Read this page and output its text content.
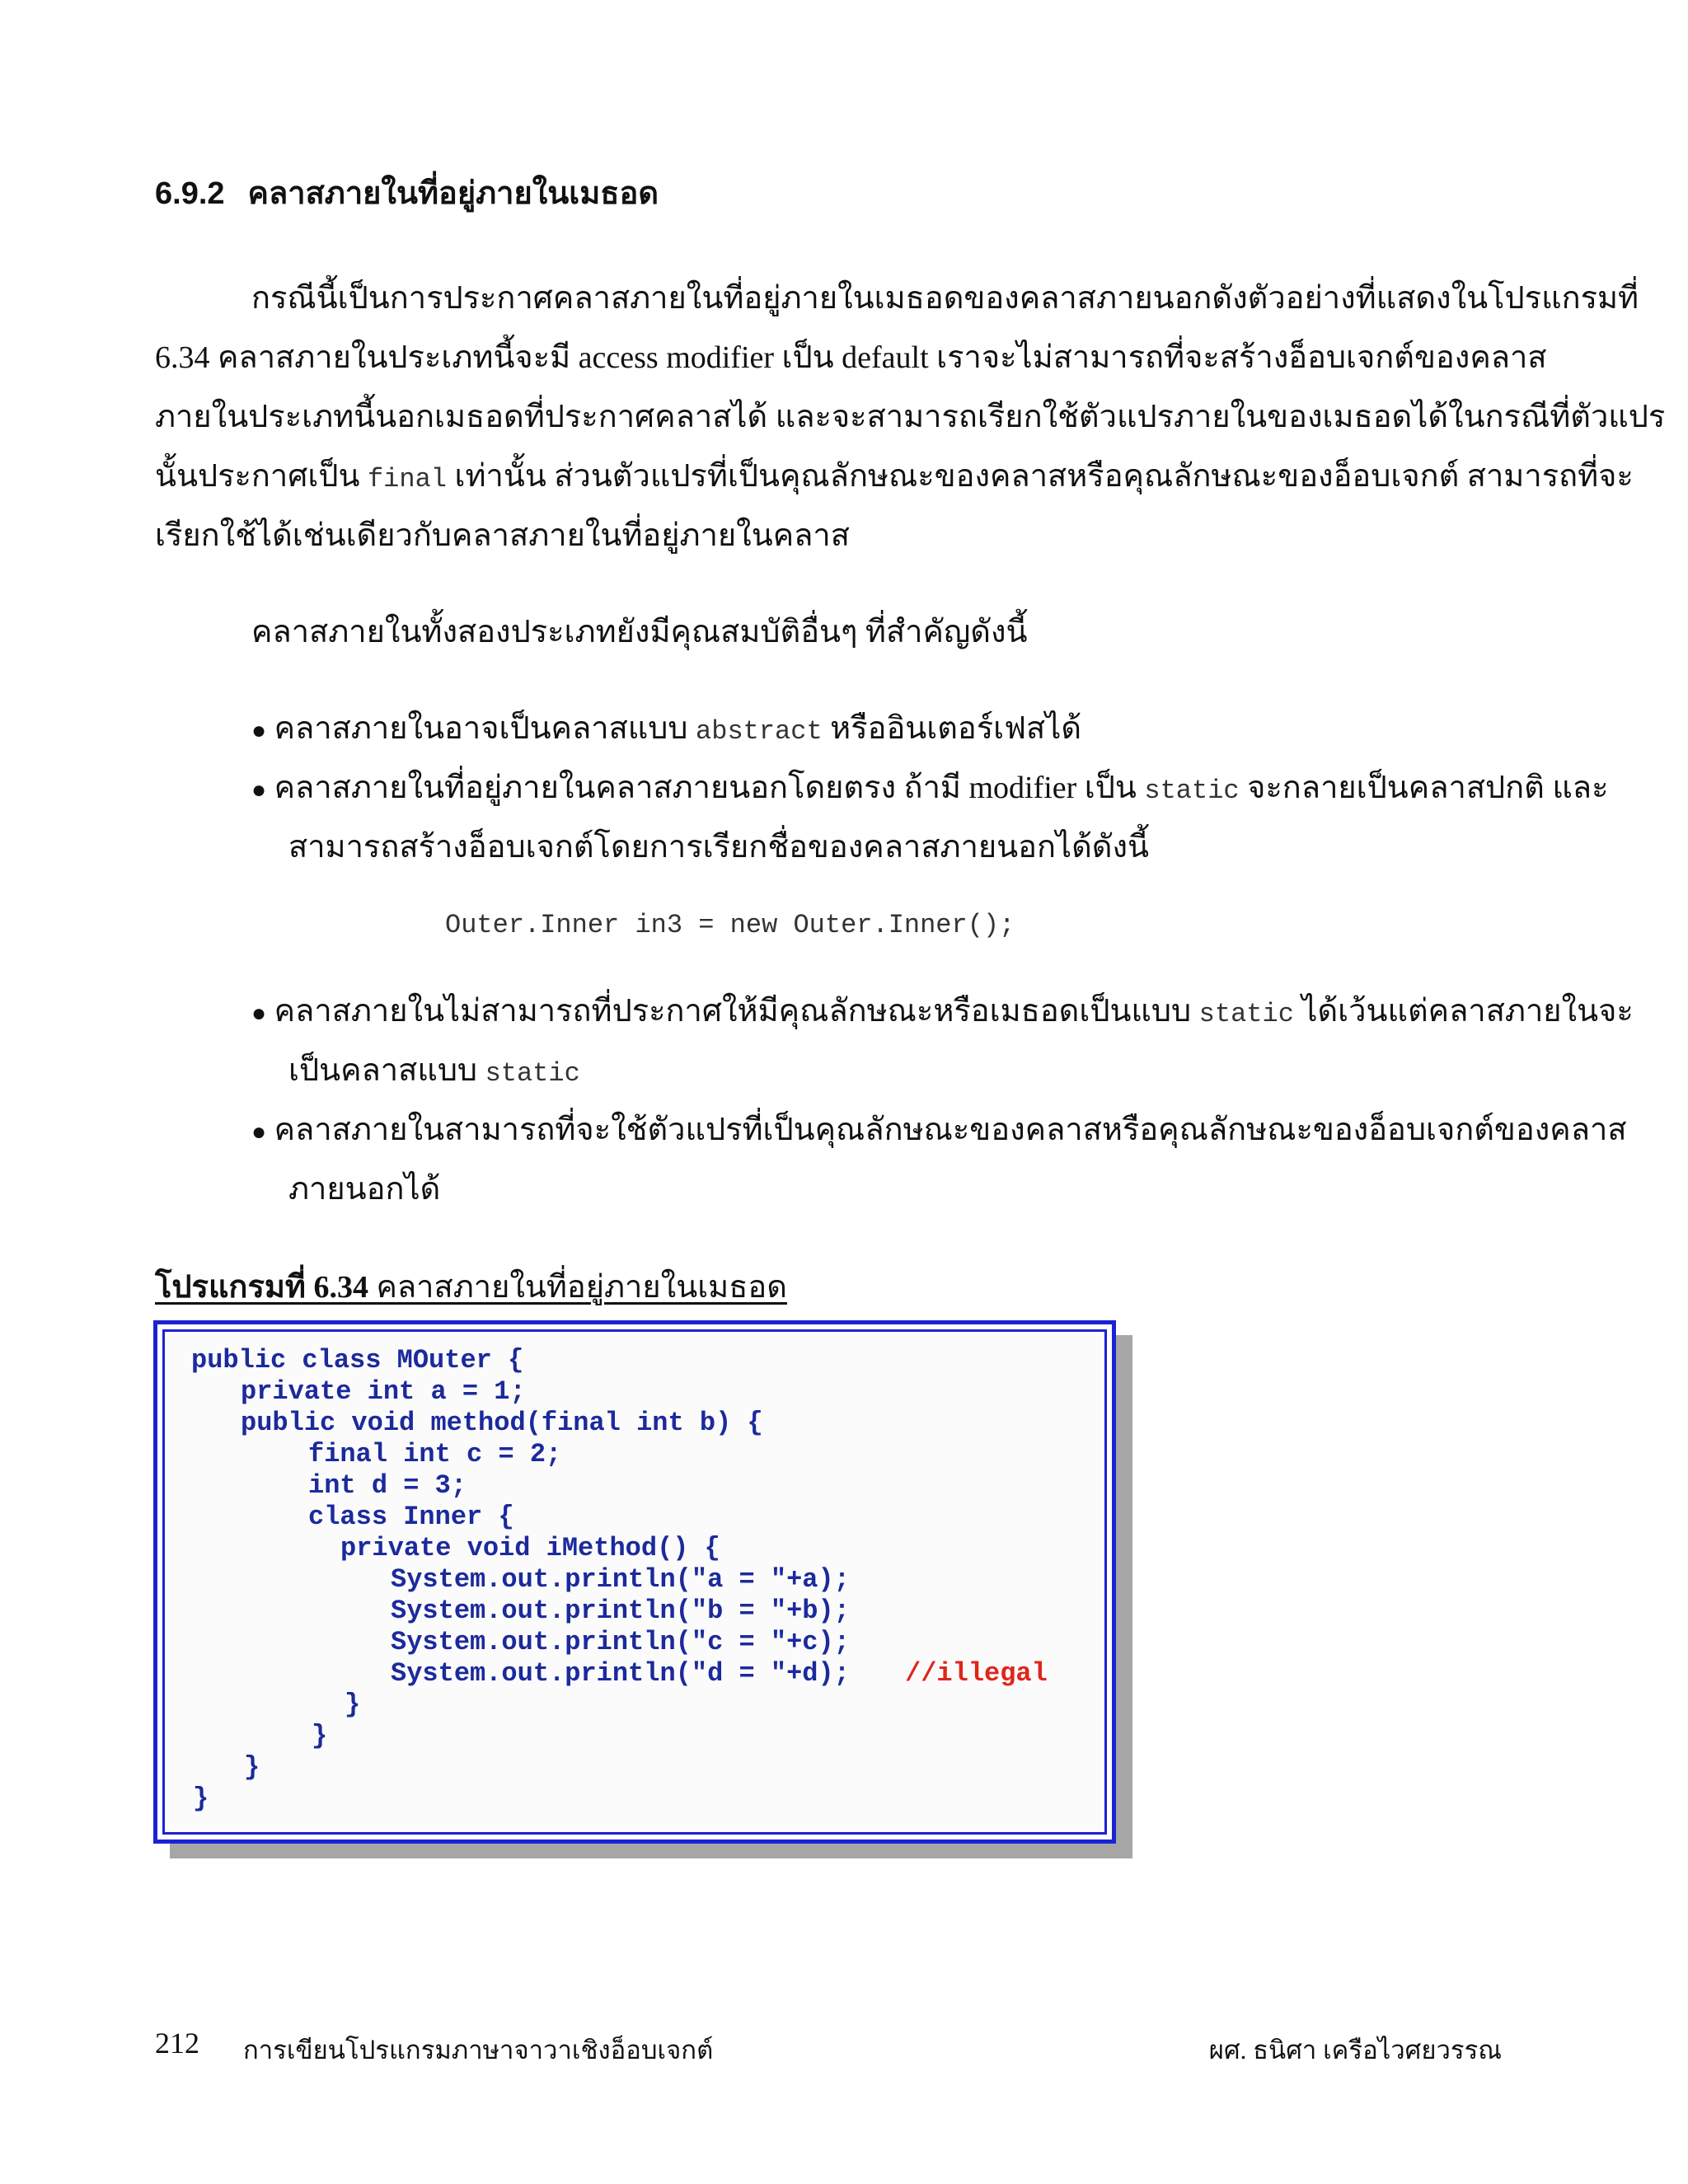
6.9.2 คลาสภายในที่อยู่ภายในเมธอด
กรณีนี้เป็นการประกาศคลาสภายในที่อยู่ภายในเมธอดของคลาสภายนอกดังตัวอย่างที่แสดงในโปรแกรมที่
6.34 คลาสภายในประเภทนี้จะมี access modifier เป็น default เราจะไม่สามารถที่จะสร้างอ็อบเจกต์ของคลาส
ภายในประเภทนี้นอกเมธอดที่ประกาศคลาสได้ และจะสามารถเรียกใช้ตัวแปรภายในของเมธอดได้ในกรณีที่ตัวแปร
นั้นประกาศเป็น final เท่านั้น ส่วนตัวแปรที่เป็นคุณลักษณะของคลาสหรือคุณลักษณะของอ็อบเจกต์ สามารถที่จะ
เรียกใช้ได้เช่นเดียวกับคลาสภายในที่อยู่ภายในคลาส
คลาสภายในทั้งสองประเภทยังมีคุณสมบัติอื่นๆ ที่สำคัญดังนี้
● คลาสภายในอาจเป็นคลาสแบบ abstract หรืออินเตอร์เฟสได้
● คลาสภายในที่อยู่ภายในคลาสภายนอกโดยตรง ถ้ามี modifier เป็น static จะกลายเป็นคลาสปกติ และ
สามารถสร้างอ็อบเจกต์โดยการเรียกชื่อของคลาสภายนอกได้ดังนี้
Outer.Inner in3 = new Outer.Inner();
● คลาสภายในไม่สามารถที่ประกาศให้มีคุณลักษณะหรือเมธอดเป็นแบบ static ได้เว้นแต่คลาสภายในจะ
เป็นคลาสแบบ static
● คลาสภายในสามารถที่จะใช้ตัวแปรที่เป็นคุณลักษณะของคลาสหรือคุณลักษณะของอ็อบเจกต์ของคลาส
ภายนอกได้
โปรแกรมที่ 6.34 คลาสภายในที่อยู่ภายในเมธอด
public class MOuter {
private int a = 1;
public void method(final int b) {
final int c = 2;
int d = 3;
class Inner {
private void iMethod() {
System.out.println("a = "+a);
System.out.println("b = "+b);
System.out.println("c = "+c);
System.out.println("d = "+d); //illegal
}
}
}
}
212 การเขียนโปรแกรมภาษาจาวาเชิงอ็อบเจกต์	ผศ. ธนิศา เครือไวศยวรรณ
